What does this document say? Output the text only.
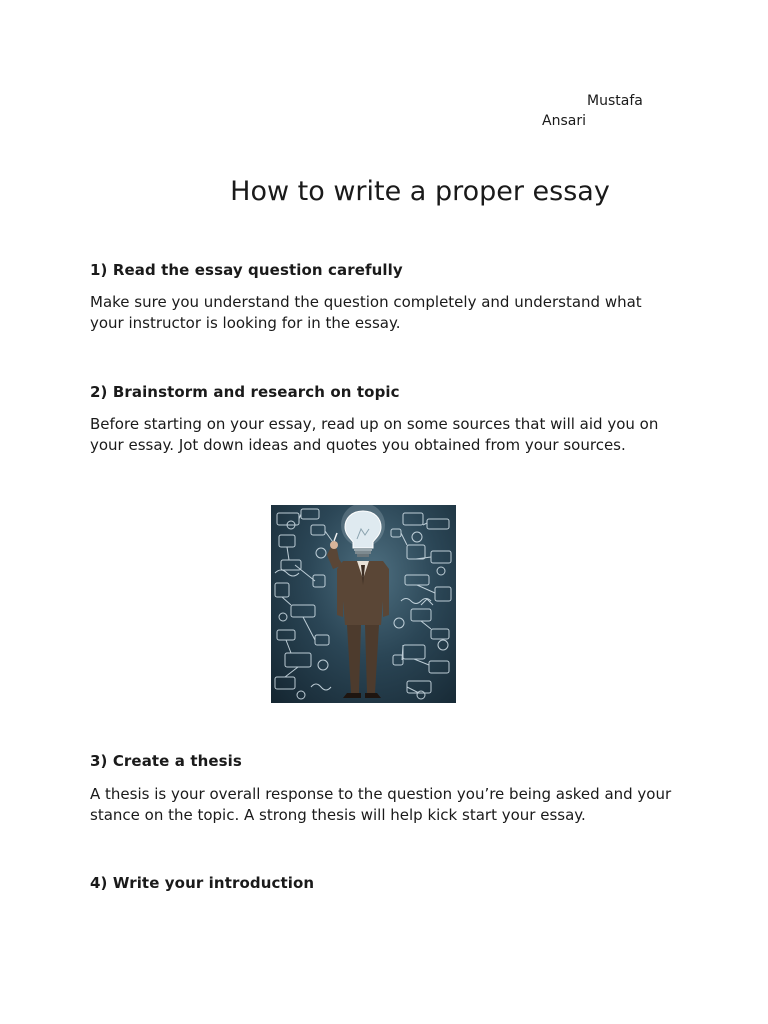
Mustafa
Ansari
How to write a proper essay
1) Read the essay question carefully

Make sure you understand the question completely and understand what
your instructor is looking for in the essay.

2) Brainstorm and research on topic

Before starting on your essay, read up on some sources that will aid you on
your essay. Jot down ideas and quotes you obtained from your sources.

3) Create a thesis

A thesis is your overall response to the question you’re being asked and your
stance on the topic. A strong thesis will help kick start your essay.

4) Write your introduction
